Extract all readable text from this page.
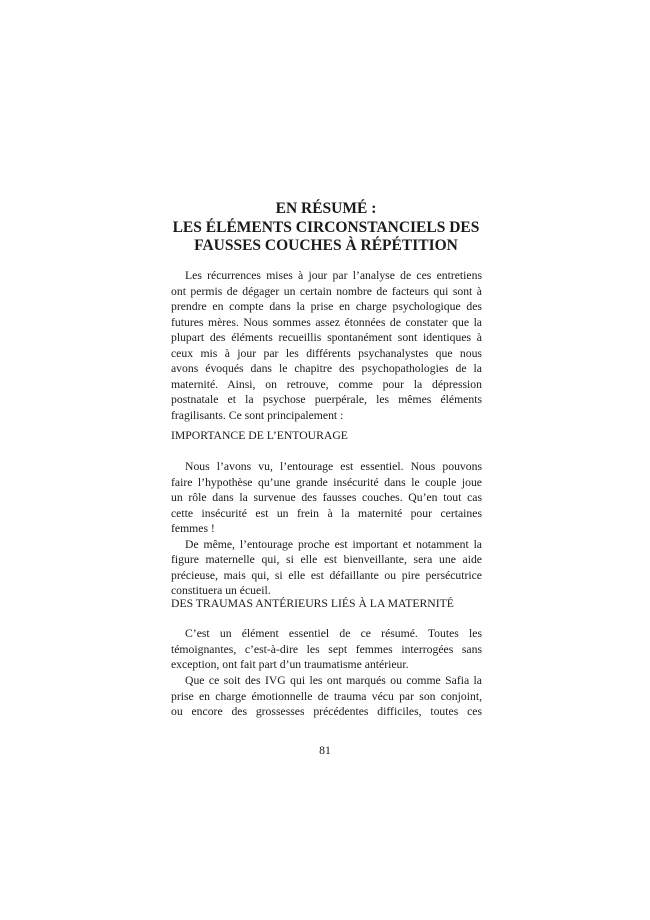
EN RÉSUMÉ :
LES ÉLÉMENTS CIRCONSTANCIELS DES
FAUSSES COUCHES À RÉPÉTITION
Les récurrences mises à jour par l’analyse de ces entretiens
ont permis de dégager un certain nombre de facteurs qui sont à
prendre en compte dans la prise en charge psychologique des
futures mères. Nous sommes assez étonnées de constater que la
plupart des éléments recueillis spontanément sont identiques à
ceux mis à jour par les différents psychanalystes que nous
avons évoqués dans le chapitre des psychopathologies de la
maternité. Ainsi, on retrouve, comme pour la dépression
postnatale et la psychose puerpérale, les mêmes éléments
fragilisants. Ce sont principalement :
IMPORTANCE DE L’ENTOURAGE
Nous l’avons vu, l’entourage est essentiel. Nous pouvons
faire l’hypothèse qu’une grande insécurité dans le couple joue
un rôle dans la survenue des fausses couches. Qu’en tout cas
cette insécurité est un frein à la maternité pour certaines
femmes !
De même, l’entourage proche est important et notamment la
figure maternelle qui, si elle est bienveillante, sera une aide
précieuse, mais qui, si elle est défaillante ou pire persécutrice
constituera un écueil.
DES TRAUMAS ANTÉRIEURS LIÉS À LA MATERNITÉ
C’est un élément essentiel de ce résumé. Toutes les
témoignantes, c’est-à-dire les sept femmes interrogées sans
exception, ont fait part d’un traumatisme antérieur.
Que ce soit des IVG qui les ont marqués ou comme Safia la
prise en charge émotionnelle de trauma vécu par son conjoint,
ou encore des grossesses précédentes difficiles, toutes ces
81
